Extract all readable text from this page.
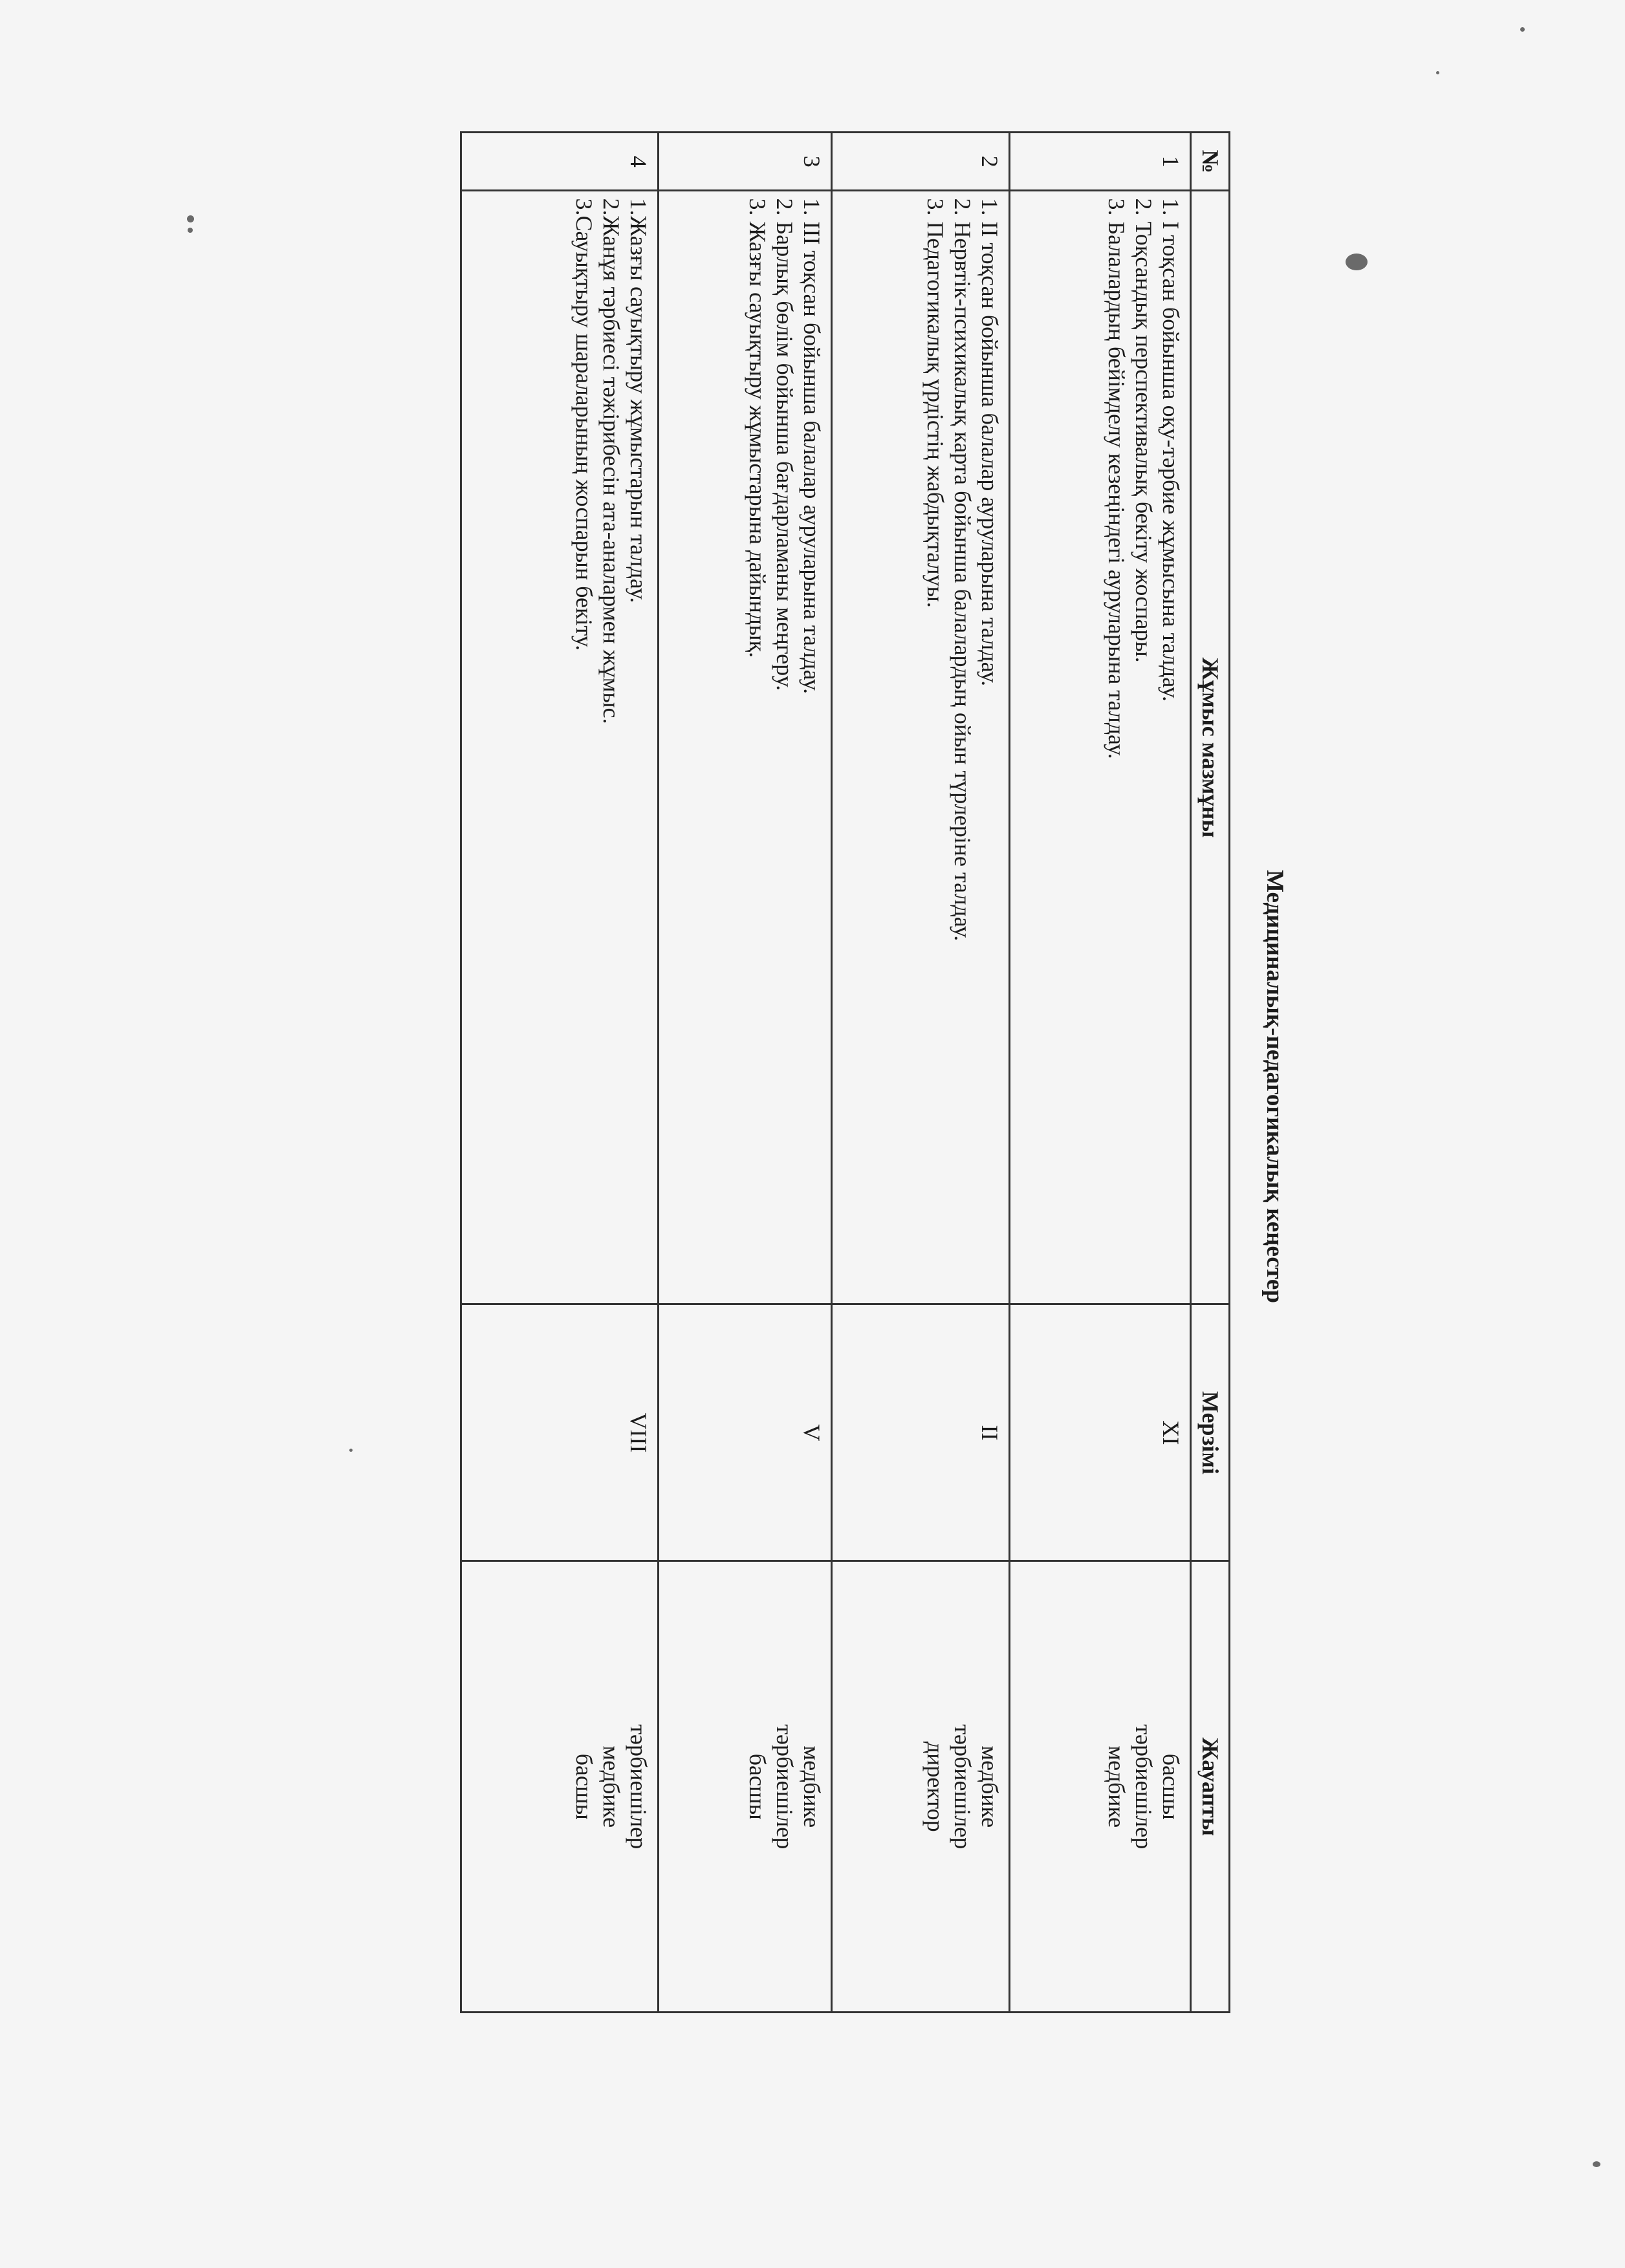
Медициналық-педагогикалық кеңестер
№	Жұмыс мазмұны	Мерзімі	Жауапты
1	1. І тоқсан бойынша оқу-тәрбие жұмысына талдау.
2. Тоқсандық перспективалық бекіту жоспары.
3. Балалардың бейімделу кезеңіндегі ауруларына талдау.	XI	басшы
тәрбиешілер
медбике

2	1. ІІ тоқсан бойынша балалар ауруларына талдау.
2. Нервтік-психикалық карта бойынша балалардың ойын түрлеріне талдау.
3. Педагогикалық үрдістің жабдықталуы.	ІІ	медбике
тәрбиешілер
директор

3	1. ІІІ тоқсан бойынша балалар ауруларына талдау.
2. Барлық бөлім бойынша бағдарламаны меңгеру.
3. Жазғы сауықтыру жұмыстарына дайындық.	V	медбике
тәрбиешілер
басшы

4	1.Жазғы сауықтыру жұмыстарын талдау.
2.Жанұя тәрбиесі тәжірибесін ата-аналармен жұмыс.
3.Сауықтыру шараларының жоспарын бекіту.	VIII	тәрбиешілер
медбике
басшы
